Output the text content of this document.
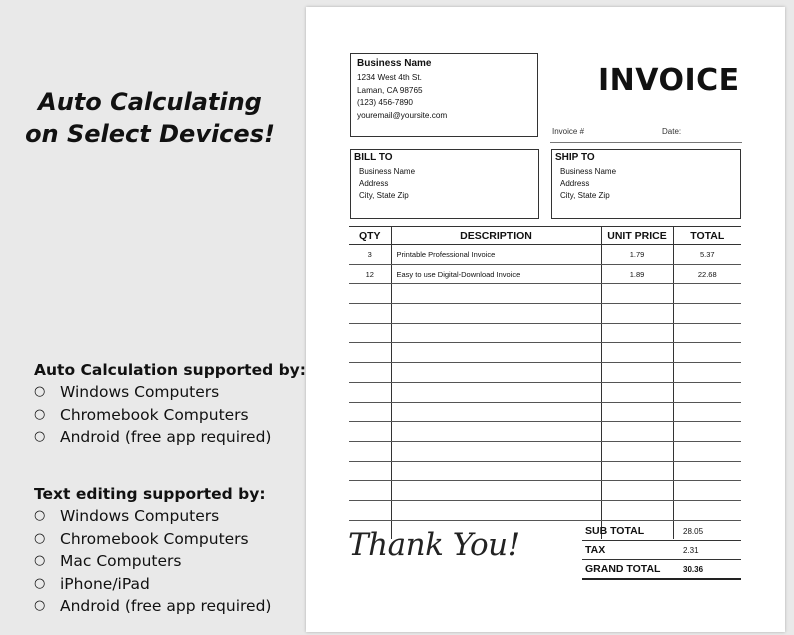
Auto Calculating
on Select Devices!
Auto Calculation supported by:
○ Windows Computers
○ Chromebook Computers
○ Android (free app required)
Text editing supported by:
○ Windows Computers
○ Chromebook Computers
○ Mac Computers
○ iPhone/iPad
○ Android (free app required)
Business Name
1234 West 4th St.
Laman, CA 98765
(123) 456-7890
youremail@yoursite.com
INVOICE
Invoice #	Date:
BILL TO
Business Name
Address
City, State Zip
SHIP TO
Business Name
Address
City, State Zip
QTY	DESCRIPTION	UNIT PRICE	TOTAL
3	Printable Professional Invoice	1.79	5.37
12	Easy to use Digital-Download Invoice	1.89	22.68

Thank You!	SUB TOTAL	28.05
TAX	2.31
GRAND TOTAL	30.36
